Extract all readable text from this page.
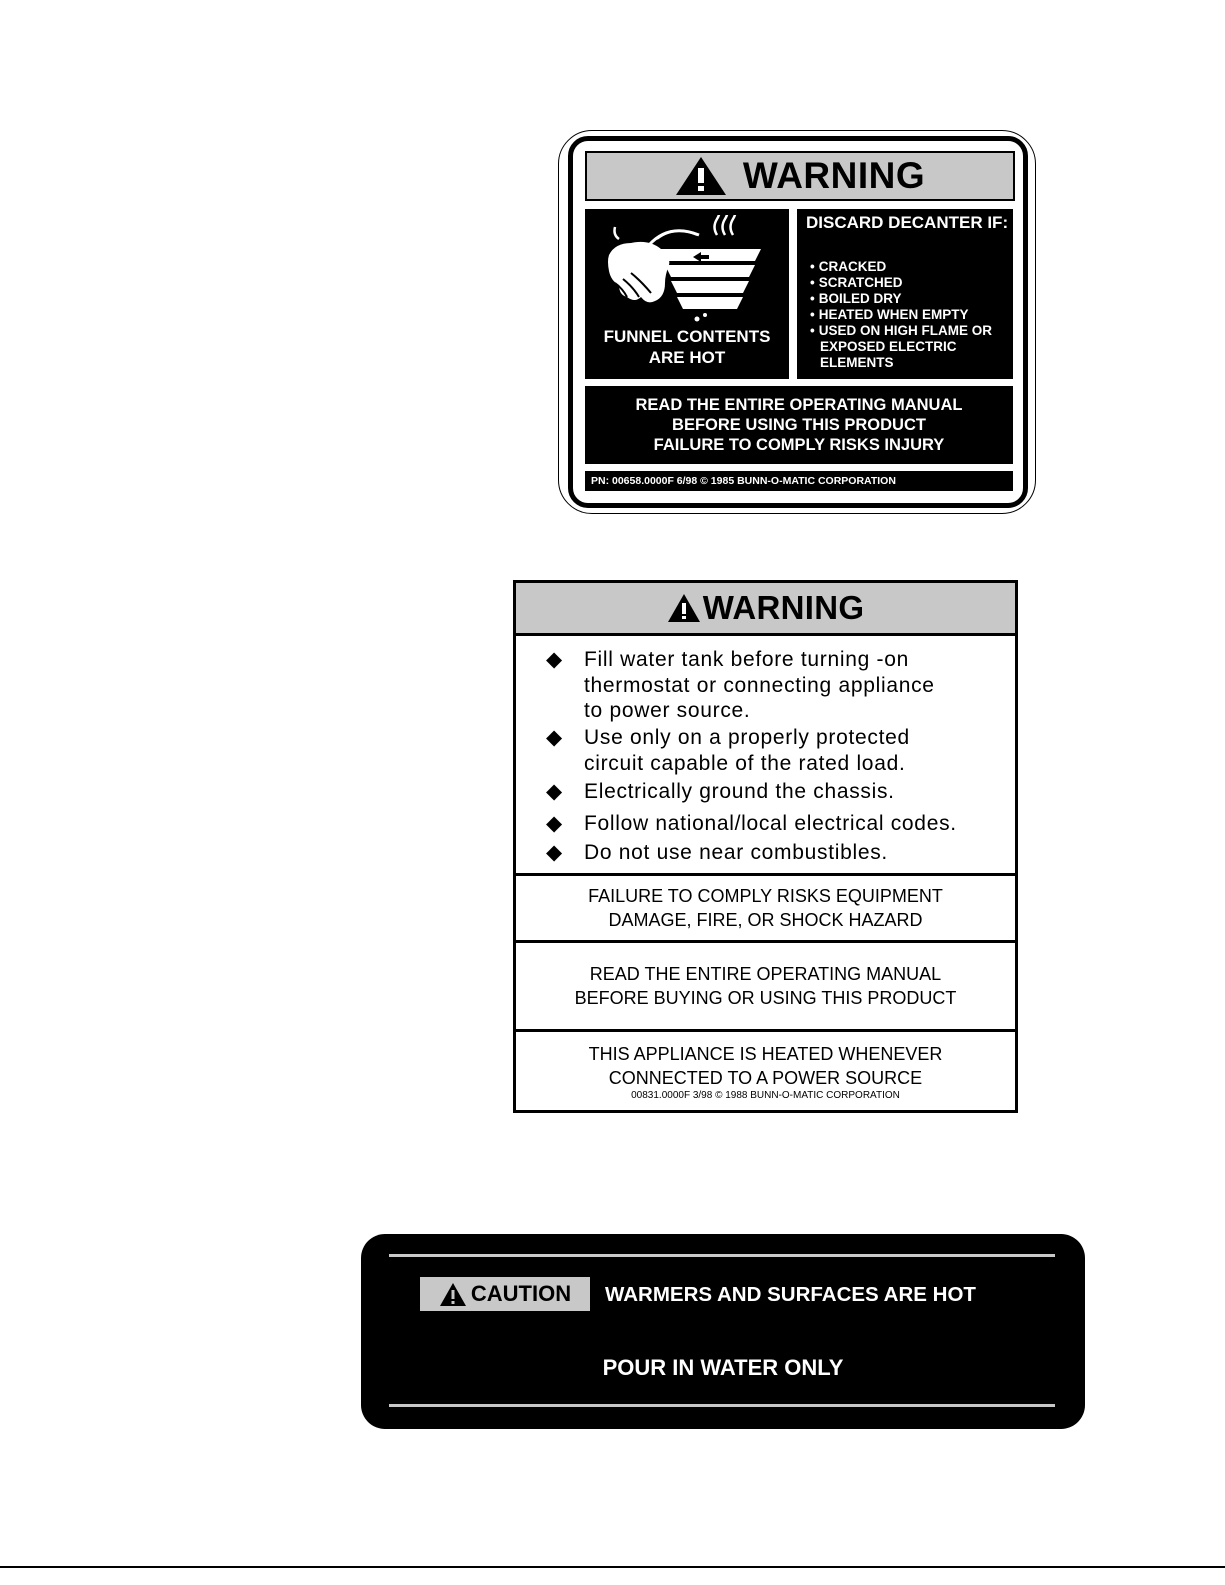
WARNING
FUNNEL CONTENTS
ARE HOT
DISCARD DECANTER IF:
• CRACKED
• SCRATCHED
• BOILED DRY
• HEATED WHEN EMPTY
• USED ON HIGH FLAME OR EXPOSED ELECTRIC ELEMENTS
READ THE ENTIRE OPERATING MANUAL
BEFORE USING THIS PRODUCT
FAILURE TO COMPLY RISKS INJURY
PN: 00658.0000F 6/98 © 1985 BUNN-O-MATIC CORPORATION
WARNING
◆	Fill water tank before turning -on
thermostat or connecting appliance
to power source.
◆	Use only on a properly protected
circuit capable of the rated load.
◆	Electrically ground the chassis.
◆	Follow national/local electrical codes.
◆	Do not use near combustibles.
FAILURE TO COMPLY RISKS EQUIPMENT
DAMAGE, FIRE, OR SHOCK HAZARD
READ THE ENTIRE OPERATING MANUAL
BEFORE BUYING OR USING THIS PRODUCT
THIS APPLIANCE IS HEATED WHENEVER
CONNECTED TO A POWER SOURCE
00831.0000F 3/98 © 1988 BUNN-O-MATIC CORPORATION
CAUTION WARMERS AND SURFACES ARE HOT
POUR IN WATER ONLY
